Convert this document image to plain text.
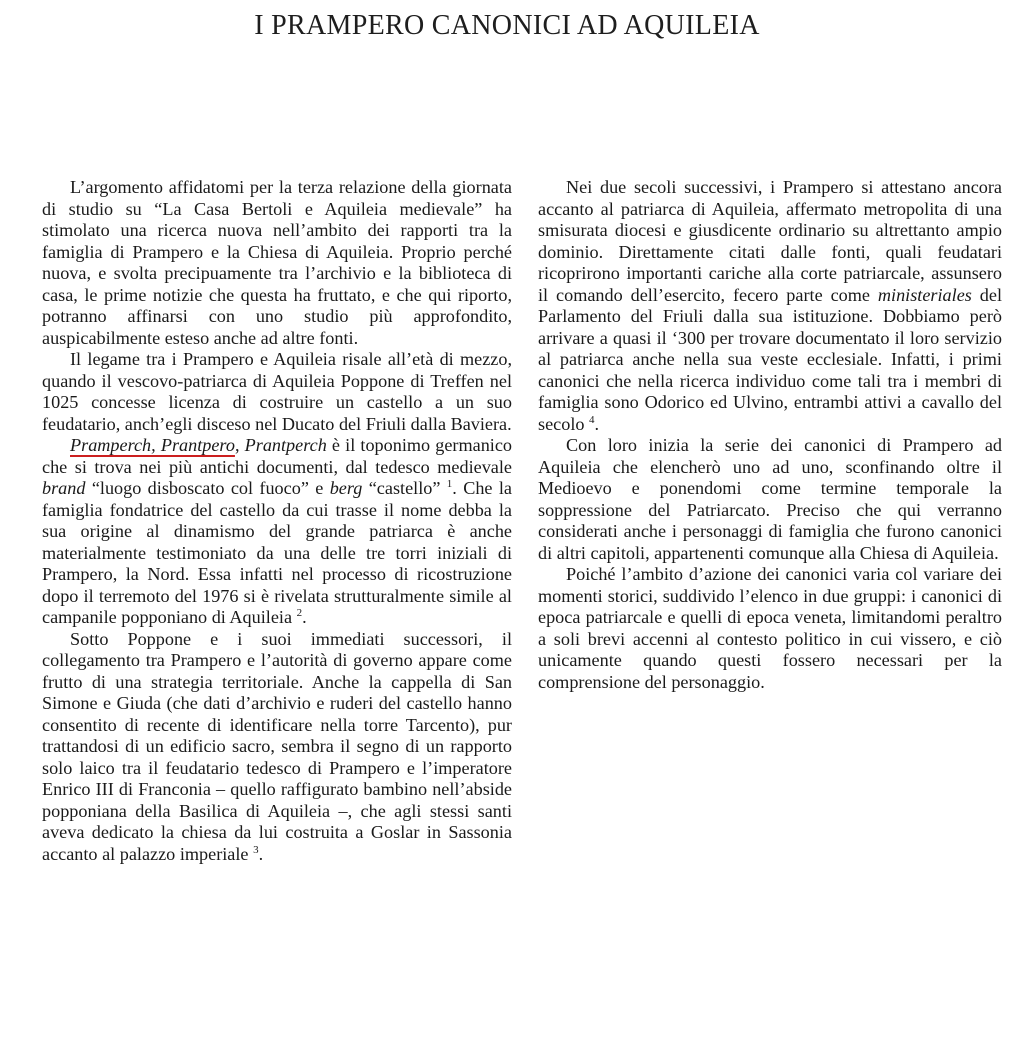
I PRAMPERO CANONICI AD AQUILEIA

L’argomento affidatomi per la terza relazione della giornata di studio su “La Casa Bertoli e Aquileia medievale” ha stimolato una ricerca nuova nell’ambito dei rapporti tra la famiglia di Prampero e la Chiesa di Aquileia. Proprio perché nuova, e svolta precipuamente tra l’archivio e la biblioteca di casa, le prime notizie che questa ha fruttato, e che qui riporto, potranno affinarsi con uno studio più approfondito, auspicabilmente esteso anche ad altre fonti.

Il legame tra i Prampero e Aquileia risale all’età di mezzo, quando il vescovo-patriarca di Aquileia Poppone di Treffen nel 1025 concesse licenza di costruire un castello a un suo feudatario, anch’egli disceso nel Ducato del Friuli dalla Baviera.

Pramperch, Prantpero, Prantperch è il toponimo germanico che si trova nei più antichi documenti, dal tedesco medievale brand “luogo disboscato col fuoco” e berg “castello” $^1$. Che la famiglia fondatrice del castello da cui trasse il nome debba la sua origine al dinamismo del grande patriarca è anche materialmente testimoniato da una delle tre torri iniziali di Prampero, la Nord. Essa infatti nel processo di ricostruzione dopo il terremoto del 1976 si è rivelata strutturalmente simile al campanile popponiano di Aquileia $^2$.

Sotto Poppone e i suoi immediati successori, il collegamento tra Prampero e l’autorità di governo appare come frutto di una strategia territoriale. Anche la cappella di San Simone e Giuda (che dati d’archivio e ruderi del castello hanno consentito di recente di identificare nella torre Tarcento), pur trattandosi di un edificio sacro, sembra il segno di un rapporto solo laico tra il feudatario tedesco di Prampero e l’imperatore Enrico III di Franconia – quello raffigurato bambino nell’abside popponiana della Basilica di Aquileia –, che agli stessi santi aveva dedicato la chiesa da lui costruita a Goslar in Sassonia accanto al palazzo imperiale $^3$.

Nei due secoli successivi, i Prampero si attestano ancora accanto al patriarca di Aquileia, affermato metropolita di una smisurata diocesi e giusdicente ordinario su altrettanto ampio dominio. Direttamente citati dalle fonti, quali feudatari ricoprirono importanti cariche alla corte patriarcale, assunsero il comando dell’esercito, fecero parte come ministeriales del Parlamento del Friuli dalla sua istituzione. Dobbiamo però arrivare a quasi il ‘300 per trovare documentato il loro servizio al patriarca anche nella sua veste ecclesiale. Infatti, i primi canonici che nella ricerca individuo come tali tra i membri di famiglia sono Odorico ed Ulvino, entrambi attivi a cavallo del secolo $^4$.

Con loro inizia la serie dei canonici di Prampero ad Aquileia che elencherò uno ad uno, sconfinando oltre il Medioevo e ponendomi come termine temporale la soppressione del Patriarcato. Preciso che qui verranno considerati anche i personaggi di famiglia che furono canonici di altri capitoli, appartenenti comunque alla Chiesa di Aquileia.

Poiché l’ambito d’azione dei canonici varia col variare dei momenti storici, suddivido l’elenco in due gruppi: i canonici di epoca patriarcale e quelli di epoca veneta, limitandomi peraltro a soli brevi accenni al contesto politico in cui vissero, e ciò unicamente quando questi fossero necessari per la comprensione del personaggio.
